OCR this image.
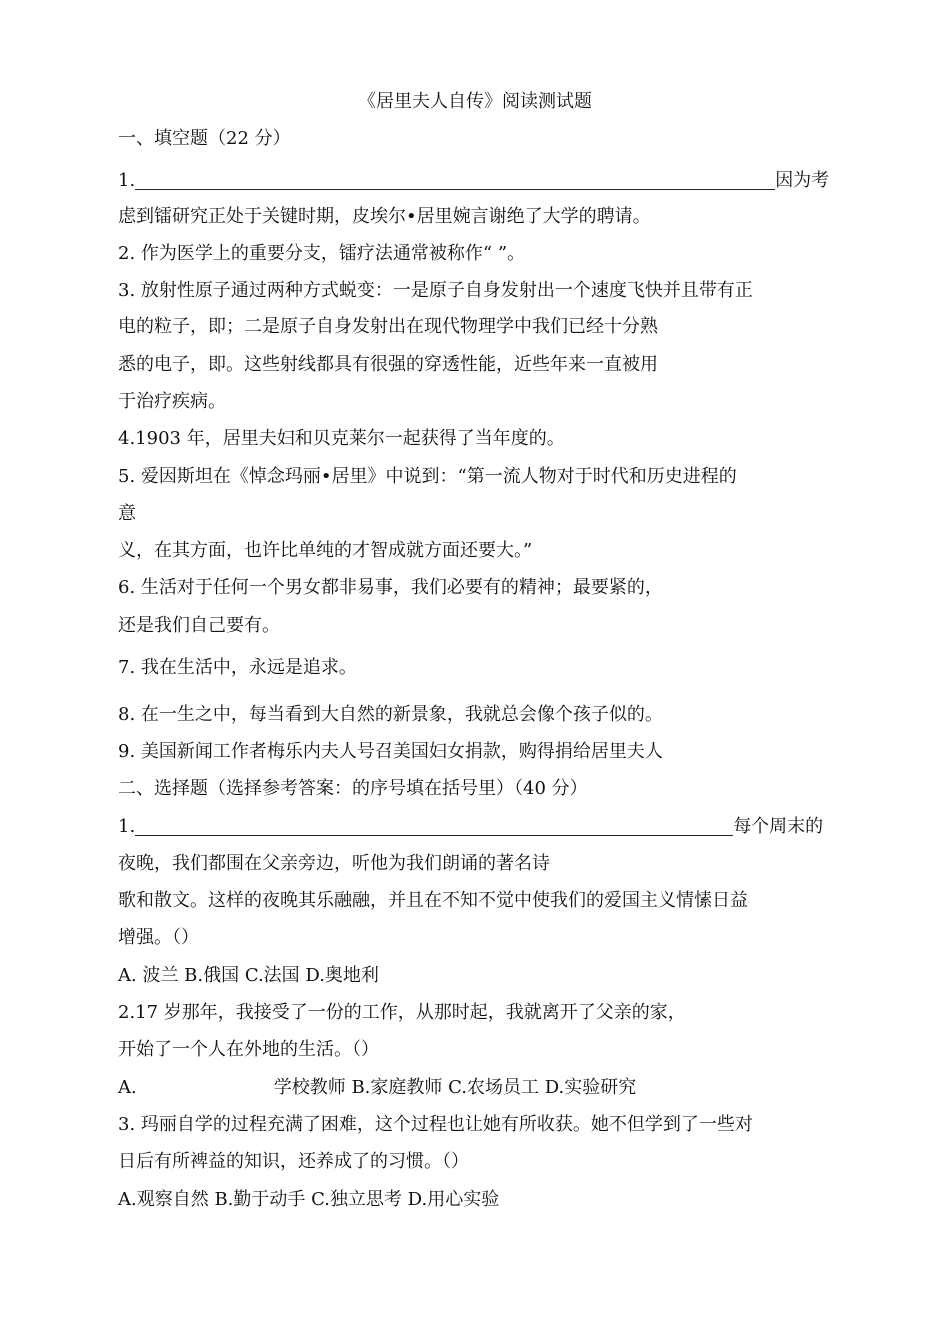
《居里夫人自传》阅读测试题
一、填空题（22 分）
1.	因为考
虑到镭研究正处于关键时期，皮埃尔•居里婉言谢绝了大学的聘请。
2. 作为医学上的重要分支，镭疗法通常被称作“ ”。
3. 放射性原子通过两种方式蜕变：一是原子自身发射出一个速度飞快并且带有正
电的粒子，即；二是原子自身发射出在现代物理学中我们已经十分熟
悉的电子，即。这些射线都具有很强的穿透性能，近些年来一直被用
于治疗疾病。
4.1903 年，居里夫妇和贝克莱尔一起获得了当年度的。
5. 爱因斯坦在《悼念玛丽•居里》中说到：“第一流人物对于时代和历史进程的
意
义，在其方面，也许比单纯的才智成就方面还要大。”
6. 生活对于任何一个男女都非易事，我们必要有的精神；最要紧的，
还是我们自己要有。
7. 我在生活中，永远是追求。
8. 在一生之中，每当看到大自然的新景象，我就总会像个孩子似的。
9. 美国新闻工作者梅乐内夫人号召美国妇女捐款，购得捐给居里夫人
二、选择题（选择参考答案：的序号填在括号里）（40 分）
1.	每个周末的
夜晚，我们都围在父亲旁边，听他为我们朗诵的著名诗
歌和散文。这样的夜晚其乐融融，并且在不知不觉中使我们的爱国主义情愫日益
增强。（）
A. 波兰 B.俄国 C.法国 D.奥地利
2.17 岁那年，我接受了一份的工作，从那时起，我就离开了父亲的家，
开始了一个人在外地的生活。（）
A.	学校教师 B.家庭教师 C.农场员工 D.实验研究
3. 玛丽自学的过程充满了困难，这个过程也让她有所收获。她不但学到了一些对
日后有所裨益的知识，还养成了的习惯。（）
A.观察自然 B.勤于动手 C.独立思考 D.用心实验
